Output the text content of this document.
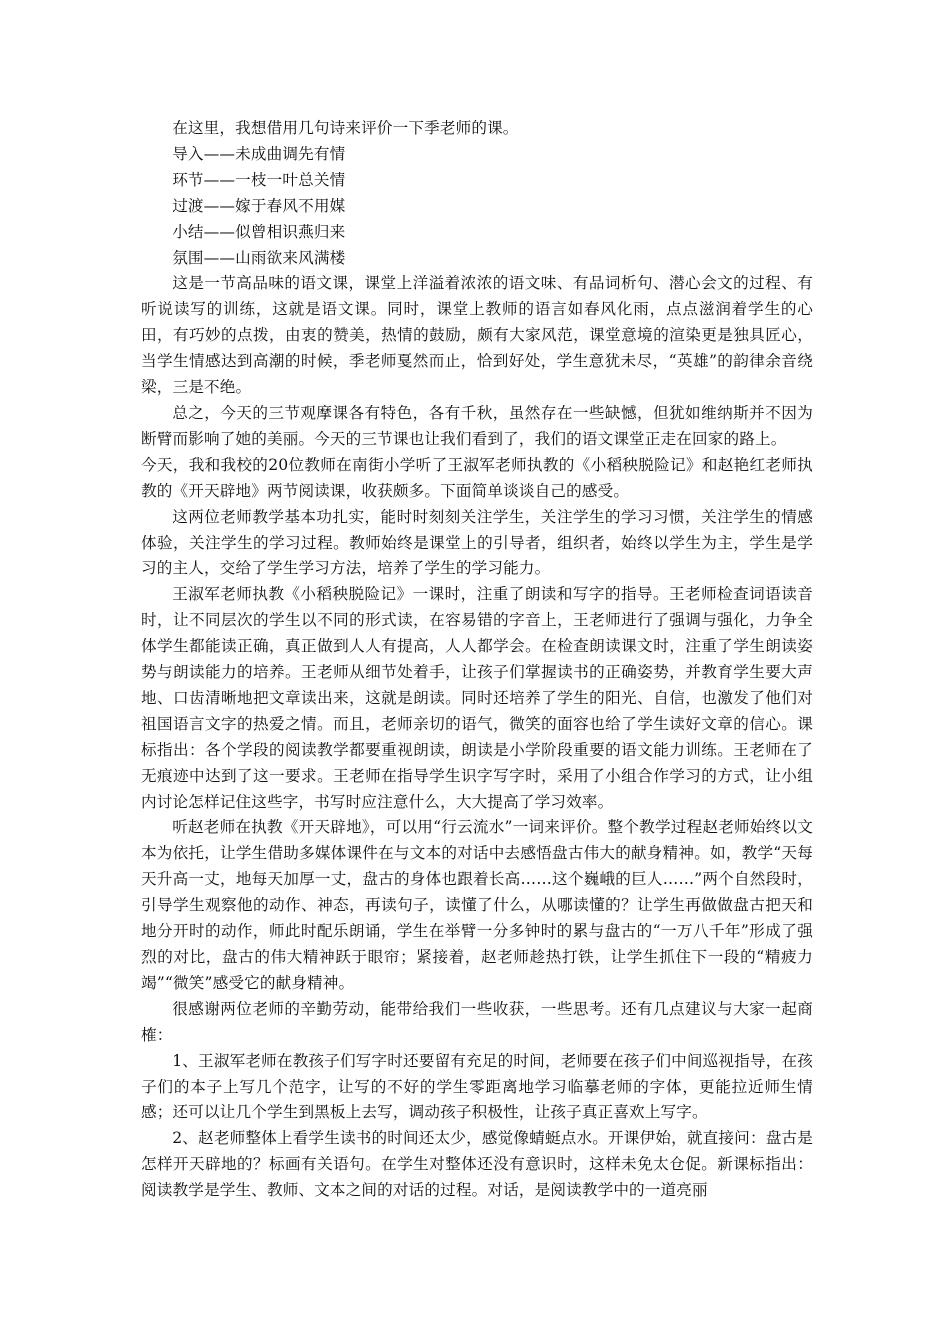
在这里，我想借用几句诗来评价一下季老师的课。

导入——未成曲调先有情

环节——一枝一叶总关情

过渡——嫁于春风不用媒

小结——似曾相识燕归来

氛围——山雨欲来风满楼

这是一节高品味的语文课，课堂上洋溢着浓浓的语文味、有品词析句、潜心会文的过程、有听说读写的训练，这就是语文课。同时，课堂上教师的语言如春风化雨，点点滋润着学生的心田，有巧妙的点拨，由衷的赞美，热情的鼓励，颇有大家风范，课堂意境的渲染更是独具匠心，当学生情感达到高潮的时候，季老师戛然而止，恰到好处，学生意犹未尽，“英雄”的韵律余音绕梁，三是不绝。

总之，今天的三节观摩课各有特色，各有千秋，虽然存在一些缺憾，但犹如维纳斯并不因为断臂而影响了她的美丽。今天的三节课也让我们看到了，我们的语文课堂正走在回家的路上。

今天，我和我校的20位教师在南街小学听了王淑军老师执教的《小稻秧脱险记》和赵艳红老师执教的《开天辟地》两节阅读课，收获颇多。下面简单谈谈自己的感受。

这两位老师教学基本功扎实，能时时刻刻关注学生，关注学生的学习习惯，关注学生的情感体验，关注学生的学习过程。教师始终是课堂上的引导者，组织者，始终以学生为主，学生是学习的主人，交给了学生学习方法，培养了学生的学习能力。

王淑军老师执教《小稻秧脱险记》一课时，注重了朗读和写字的指导。王老师检查词语读音时，让不同层次的学生以不同的形式读，在容易错的字音上，王老师进行了强调与强化，力争全体学生都能读正确，真正做到人人有提高，人人都学会。在检查朗读课文时，注重了学生朗读姿势与朗读能力的培养。王老师从细节处着手，让孩子们掌握读书的正确姿势，并教育学生要大声地、口齿清晰地把文章读出来，这就是朗读。同时还培养了学生的阳光、自信，也激发了他们对祖国语言文字的热爱之情。而且，老师亲切的语气，微笑的面容也给了学生读好文章的信心。课标指出：各个学段的阅读教学都要重视朗读，朗读是小学阶段重要的语文能力训练。王老师在了无痕迹中达到了这一要求。王老师在指导学生识字写字时，采用了小组合作学习的方式，让小组内讨论怎样记住这些字，书写时应注意什么，大大提高了学习效率。

听赵老师在执教《开天辟地》，可以用“行云流水”一词来评价。整个教学过程赵老师始终以文本为依托，让学生借助多媒体课件在与文本的对话中去感悟盘古伟大的献身精神。如，教学“天每天升高一丈，地每天加厚一丈，盘古的身体也跟着长高……这个巍峨的巨人……”两个自然段时，引导学生观察他的动作、神态，再读句子，读懂了什么，从哪读懂的？让学生再做做盘古把天和地分开时的动作，师此时配乐朗诵，学生在举臂一分多钟时的累与盘古的“一万八千年”形成了强烈的对比，盘古的伟大精神跃于眼帘；紧接着，赵老师趁热打铁，让学生抓住下一段的“精疲力竭”“微笑”感受它的献身精神。

很感谢两位老师的辛勤劳动，能带给我们一些收获，一些思考。还有几点建议与大家一起商榷：

1、王淑军老师在教孩子们写字时还要留有充足的时间，老师要在孩子们中间巡视指导，在孩子们的本子上写几个范字，让写的不好的学生零距离地学习临摹老师的字体，更能拉近师生情感；还可以让几个学生到黑板上去写，调动孩子积极性，让孩子真正喜欢上写字。

2、赵老师整体上看学生读书的时间还太少，感觉像蜻蜓点水。开课伊始，就直接问：盘古是怎样开天辟地的？标画有关语句。在学生对整体还没有意识时，这样未免太仓促。新课标指出：阅读教学是学生、教师、文本之间的对话的过程。对话，是阅读教学中的一道亮丽
